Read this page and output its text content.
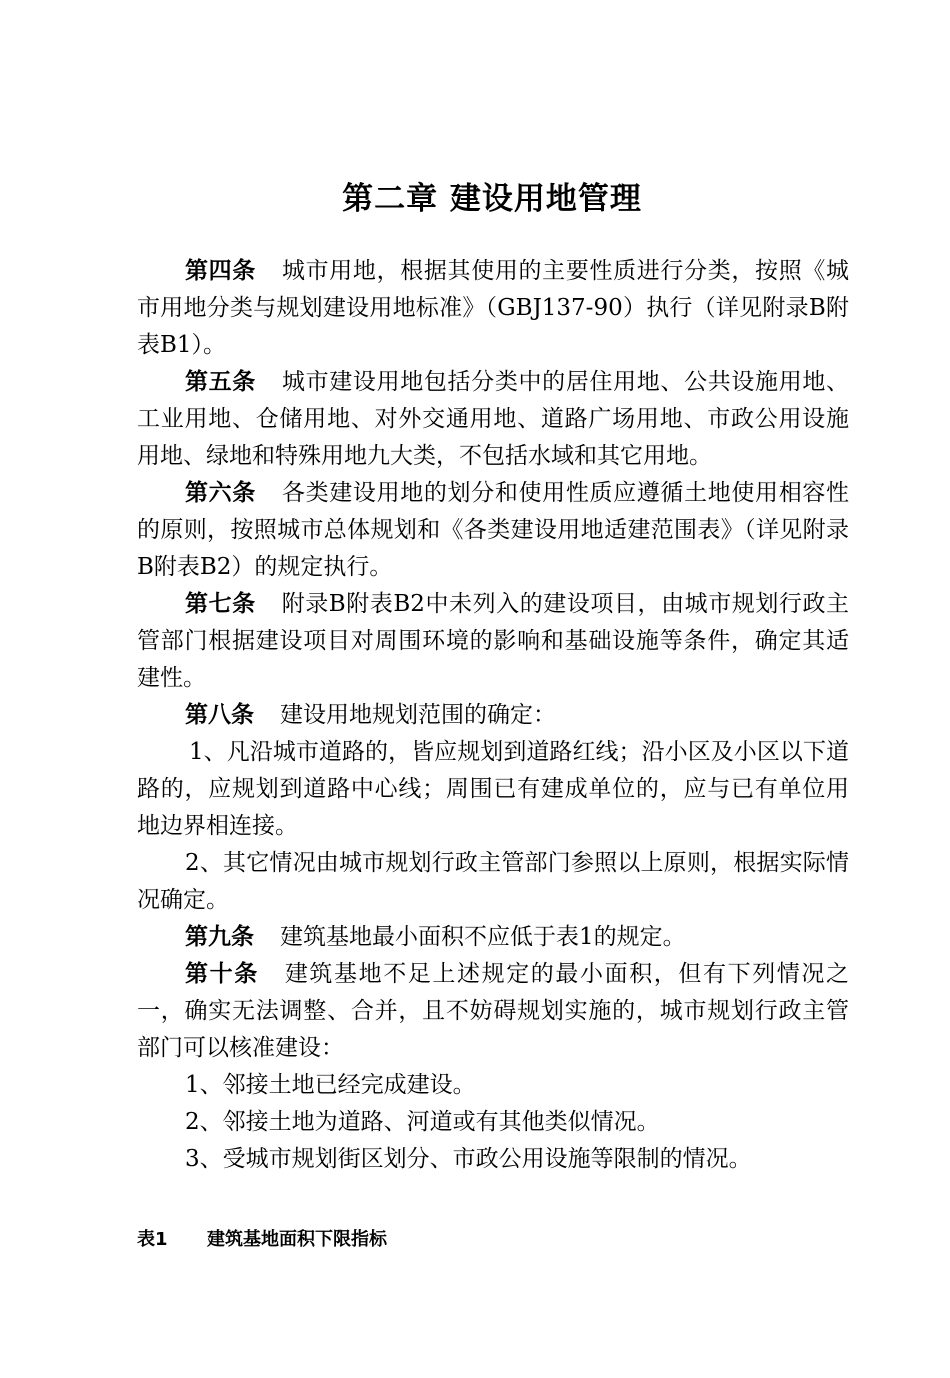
第二章 建设用地管理

第四条 城市用地，根据其使用的主要性质进行分类，按照《城市用地分类与规划建设用地标准》（GBJ137-90）执行（详见附录B附表B1）。

第五条 城市建设用地包括分类中的居住用地、公共设施用地、工业用地、仓储用地、对外交通用地、道路广场用地、市政公用设施用地、绿地和特殊用地九大类，不包括水域和其它用地。

第六条 各类建设用地的划分和使用性质应遵循土地使用相容性的原则，按照城市总体规划和《各类建设用地适建范围表》（详见附录B附表B2）的规定执行。

第七条 附录B附表B2中未列入的建设项目，由城市规划行政主管部门根据建设项目对周围环境的影响和基础设施等条件，确定其适建性。

第八条 建设用地规划范围的确定：

1、凡沿城市道路的，皆应规划到道路红线；沿小区及小区以下道路的，应规划到道路中心线；周围已有建成单位的，应与已有单位用地边界相连接。

2、其它情况由城市规划行政主管部门参照以上原则，根据实际情况确定。

第九条 建筑基地最小面积不应低于表1的规定。

第十条 建筑基地不足上述规定的最小面积，但有下列情况之一，确实无法调整、合并，且不妨碍规划实施的，城市规划行政主管部门可以核准建设：

1、邻接土地已经完成建设。

2、邻接土地为道路、河道或有其他类似情况。

3、受城市规划街区划分、市政公用设施等限制的情况。

表1 建筑基地面积下限指标
